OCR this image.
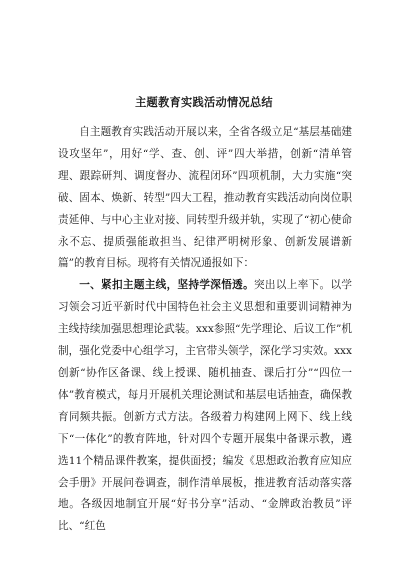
主题教育实践活动情况总结

自主题教育实践活动开展以来，全省各级立足“基层基础建设攻坚年”，用好“学、查、创、评”四大举措，创新“清单管理、跟踪研判、调度督办、流程闭环”四项机制，大力实施“突破、固本、焕新、转型”四大工程，推动教育实践活动向岗位职责延伸、与中心主业对接、同转型升级并轨，实现了“初心使命永不忘、提质强能敢担当、纪律严明树形象、创新发展谱新篇”的教育目标。现将有关情况通报如下：

一、紧扣主题主线，坚持学深悟透。突出以上率下。以学习领会习近平新时代中国特色社会主义思想和重要训词精神为主线持续加强思想理论武装。xxx参照“先学理论、后议工作”机制，强化党委中心组学习，主官带头领学，深化学习实效。xxx创新“协作区备课、线上授课、随机抽查、课后打分”“四位一体”教育模式，每月开展机关理论测试和基层电话抽查，确保教育同频共振。创新方式方法。各级着力构建网上网下、线上线下“一体化”的教育阵地，针对四个专题开展集中备课示教，遴选11个精品课件教案，提供面授；编发《思想政治教育应知应会手册》开展问卷调查，制作清单展板，推进教育活动落实落地。各级因地制宜开展“好书分享”活动、“金牌政治教员”评比、“红色
